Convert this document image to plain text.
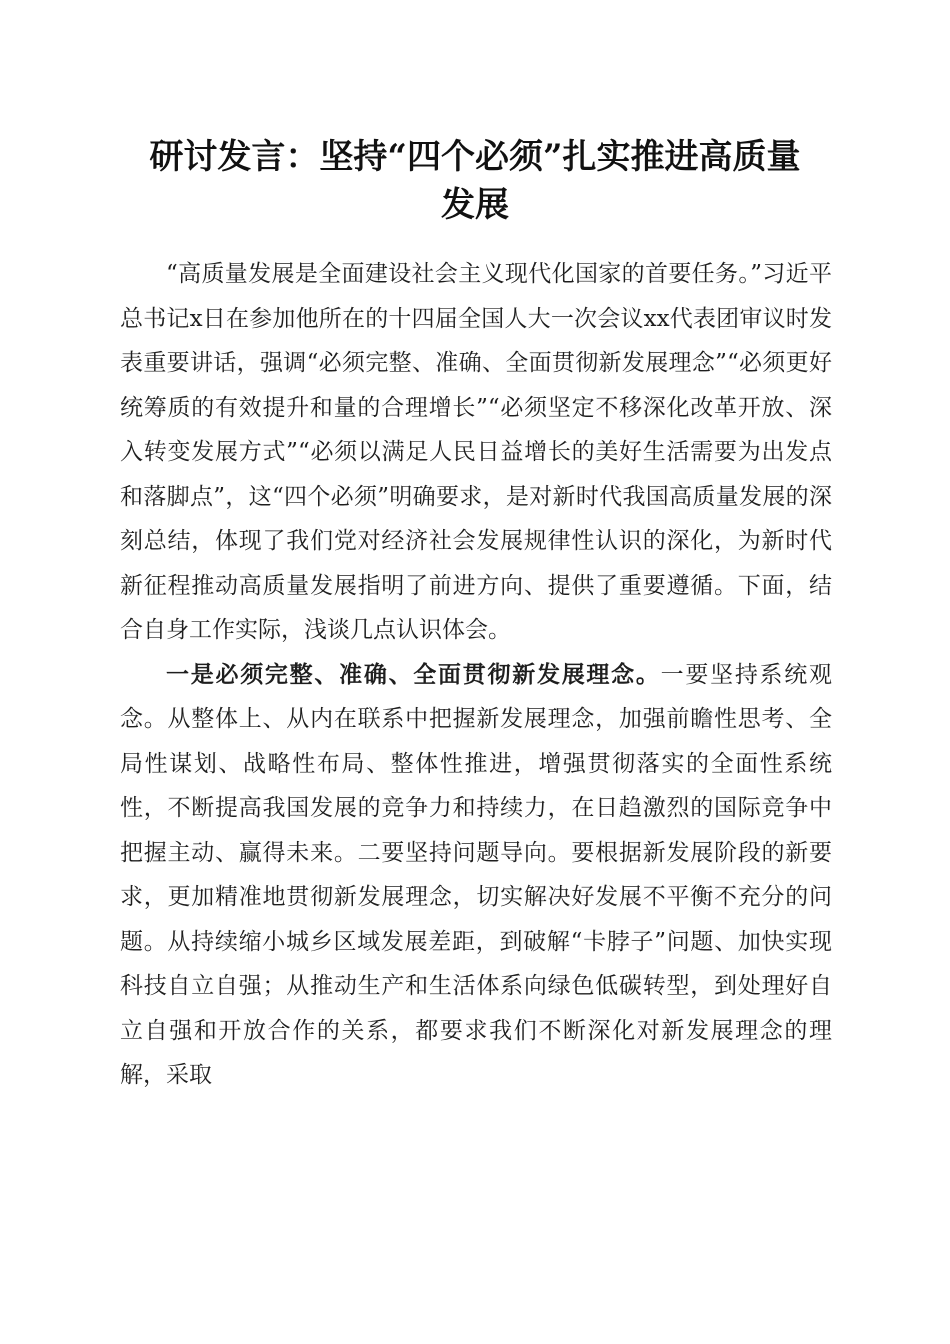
研讨发言：坚持“四个必须”扎实推进高质量
发展

“高质量发展是全面建设社会主义现代化国家的首要任务。”习近平总书记x日在参加他所在的十四届全国人大一次会议xx代表团审议时发表重要讲话，强调“必须完整、准确、全面贯彻新发展理念”“必须更好统筹质的有效提升和量的合理增长”“必须坚定不移深化改革开放、深入转变发展方式”“必须以满足人民日益增长的美好生活需要为出发点和落脚点”，这“四个必须”明确要求，是对新时代我国高质量发展的深刻总结，体现了我们党对经济社会发展规律性认识的深化，为新时代新征程推动高质量发展指明了前进方向、提供了重要遵循。下面，结合自身工作实际，浅谈几点认识体会。

一是必须完整、准确、全面贯彻新发展理念。一要坚持系统观念。从整体上、从内在联系中把握新发展理念，加强前瞻性思考、全局性谋划、战略性布局、整体性推进，增强贯彻落实的全面性系统性，不断提高我国发展的竞争力和持续力，在日趋激烈的国际竞争中把握主动、赢得未来。二要坚持问题导向。要根据新发展阶段的新要求，更加精准地贯彻新发展理念，切实解决好发展不平衡不充分的问题。从持续缩小城乡区域发展差距，到破解“卡脖子”问题、加快实现科技自立自强；从推动生产和生活体系向绿色低碳转型，到处理好自立自强和开放合作的关系，都要求我们不断深化对新发展理念的理解，采取
